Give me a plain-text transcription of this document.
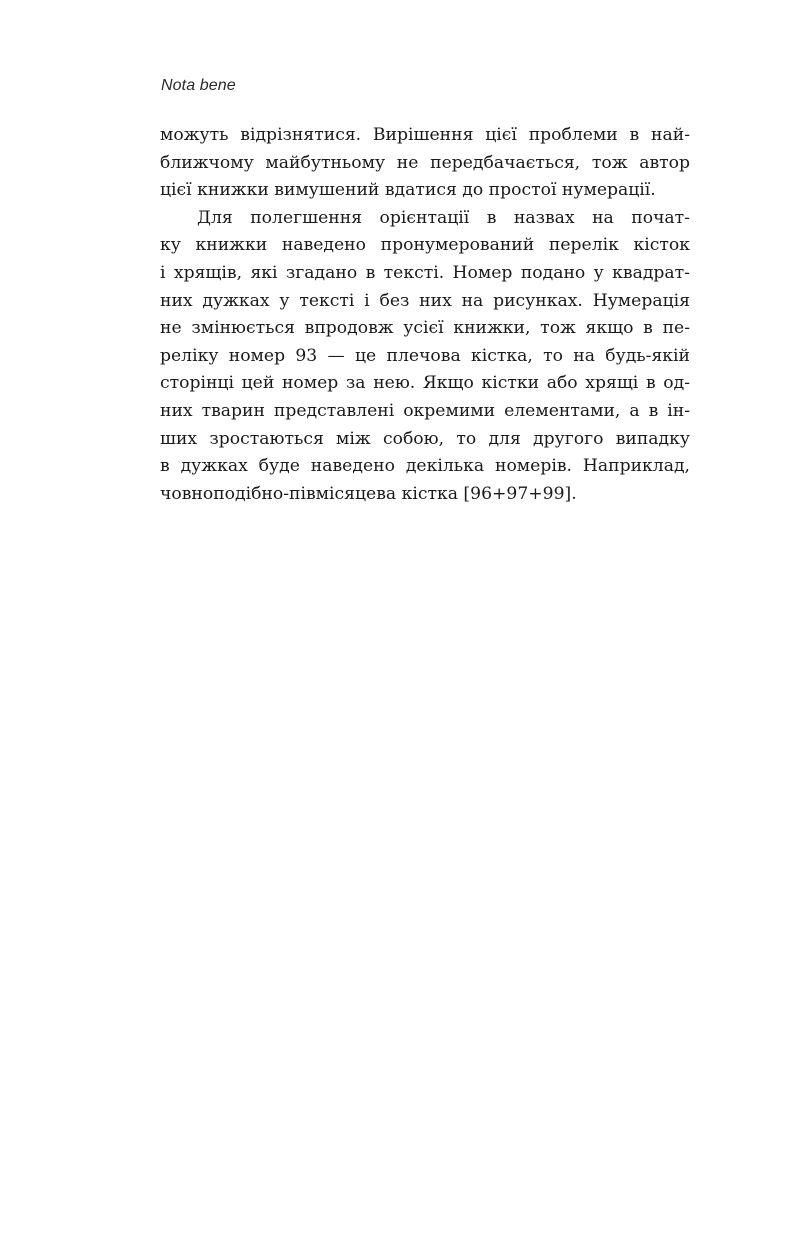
Nota bene
можуть відрізнятися. Вирішення цієї проблеми в най-
ближчому майбутньому не передбачається, тож автор
цієї книжки вимушений вдатися до простої нумерації.
Для полегшення орієнтації в назвах на почат-
ку книжки наведено пронумерований перелік кісток
і хрящів, які згадано в тексті. Номер подано у квадрат-
них дужках у тексті і без них на рисунках. Нумерація
не змінюється впродовж усієї книжки, тож якщо в пе-
реліку номер 93 — це плечова кістка, то на будь-якій
сторінці цей номер за нею. Якщо кістки або хрящі в од-
них тварин представлені окремими елементами, а в ін-
ших зростаються між собою, то для другого випадку
в дужках буде наведено декілька номерів. Наприклад,
човноподібно-півмісяцева кістка [96+97+99].
